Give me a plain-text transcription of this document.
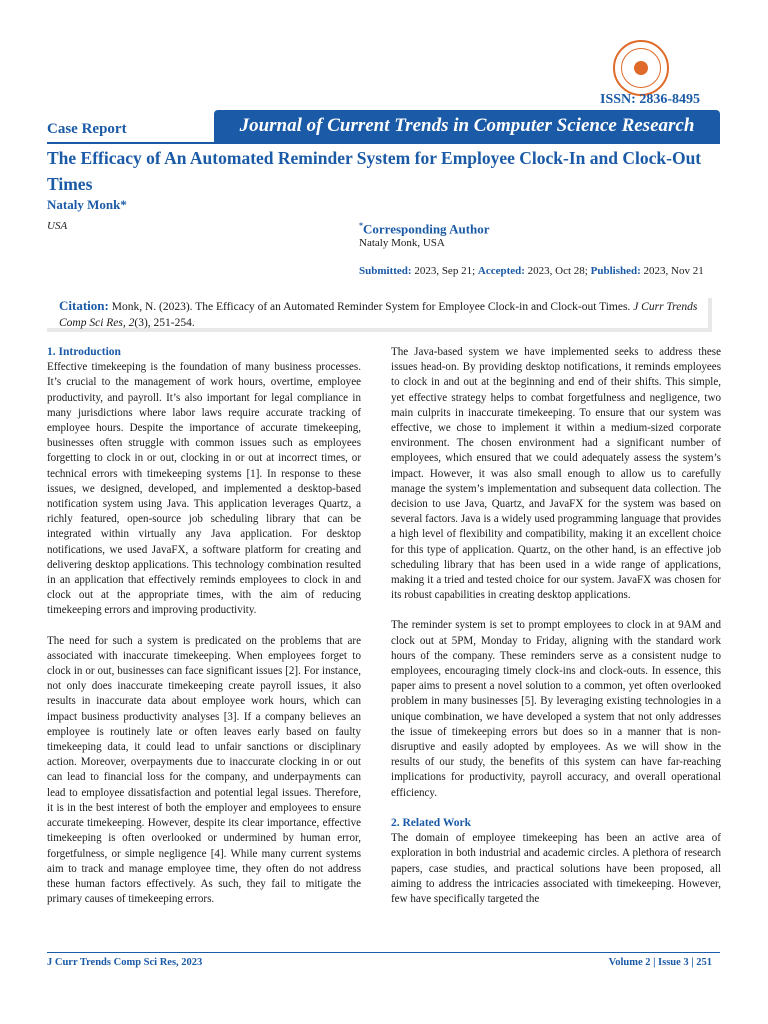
ISSN: 2836-8495
Case Report	Journal of Current Trends in Computer Science Research
The Efficacy of An Automated Reminder System for Employee Clock-In and Clock-Out Times
Nataly Monk*
USA	*Corresponding Author
Nataly Monk, USA
Submitted: 2023, Sep 21; Accepted: 2023, Oct 28; Published: 2023, Nov 21
Citation: Monk, N. (2023). The Efficacy of an Automated Reminder System for Employee Clock-in and Clock-out Times. J Curr Trends Comp Sci Res, 2(3), 251-254.
1. Introduction

Effective timekeeping is the foundation of many business processes. It’s crucial to the management of work hours, overtime, employee productivity, and payroll. It’s also important for legal compliance in many jurisdictions where labor laws require accurate tracking of employee hours. Despite the importance of accurate timekeeping, businesses often struggle with common issues such as employees forgetting to clock in or out, clocking in or out at incorrect times, or technical errors with timekeeping systems [1]. In response to these issues, we designed, developed, and implemented a desktop-based notification system using Java. This application leverages Quartz, a richly featured, open-source job scheduling library that can be integrated within virtually any Java application. For desktop notifications, we used JavaFX, a software platform for creating and delivering desktop applications. This technology combination resulted in an application that effectively reminds employees to clock in and clock out at the appropriate times, with the aim of reducing timekeeping errors and improving productivity.

The need for such a system is predicated on the problems that are associated with inaccurate timekeeping. When employees forget to clock in or out, businesses can face significant issues [2]. For instance, not only does inaccurate timekeeping create payroll issues, it also results in inaccurate data about employee work hours, which can impact business productivity analyses [3]. If a company believes an employee is routinely late or often leaves early based on faulty timekeeping data, it could lead to unfair sanctions or disciplinary action. Moreover, overpayments due to inaccurate clocking in or out can lead to financial loss for the company, and underpayments can lead to employee dissatisfaction and potential legal issues. Therefore, it is in the best interest of both the employer and employees to ensure accurate timekeeping. However, despite its clear importance, effective timekeeping is often overlooked or undermined by human error, forgetfulness, or simple negligence [4]. While many current systems aim to track and manage employee time, they often do not address these human factors effectively. As such, they fail to mitigate the primary causes of timekeeping errors.

The Java-based system we have implemented seeks to address these issues head-on. By providing desktop notifications, it reminds employees to clock in and out at the beginning and end of their shifts. This simple, yet effective strategy helps to combat forgetfulness and negligence, two main culprits in inaccurate timekeeping. To ensure that our system was effective, we chose to implement it within a medium-sized corporate environment. The chosen environment had a significant number of employees, which ensured that we could adequately assess the system’s impact. However, it was also small enough to allow us to carefully manage the system’s implementation and subsequent data collection. The decision to use Java, Quartz, and JavaFX for the system was based on several factors. Java is a widely used programming language that provides a high level of flexibility and compatibility, making it an excellent choice for this type of application. Quartz, on the other hand, is an effective job scheduling library that has been used in a wide range of applications, making it a tried and tested choice for our system. JavaFX was chosen for its robust capabilities in creating desktop applications.

The reminder system is set to prompt employees to clock in at 9AM and clock out at 5PM, Monday to Friday, aligning with the standard work hours of the company. These reminders serve as a consistent nudge to employees, encouraging timely clock-ins and clock-outs. In essence, this paper aims to present a novel solution to a common, yet often overlooked problem in many businesses [5]. By leveraging existing technologies in a unique combination, we have developed a system that not only addresses the issue of timekeeping errors but does so in a manner that is non-disruptive and easily adopted by employees. As we will show in the results of our study, the benefits of this system can have far-reaching implications for productivity, payroll accuracy, and overall operational efficiency.

2. Related Work

The domain of employee timekeeping has been an active area of exploration in both industrial and academic circles. A plethora of research papers, case studies, and practical solutions have been proposed, all aiming to address the intricacies associated with timekeeping. However, few have specifically targeted the

J Curr Trends Comp Sci Res, 2023	Volume 2 | Issue 3 | 251
